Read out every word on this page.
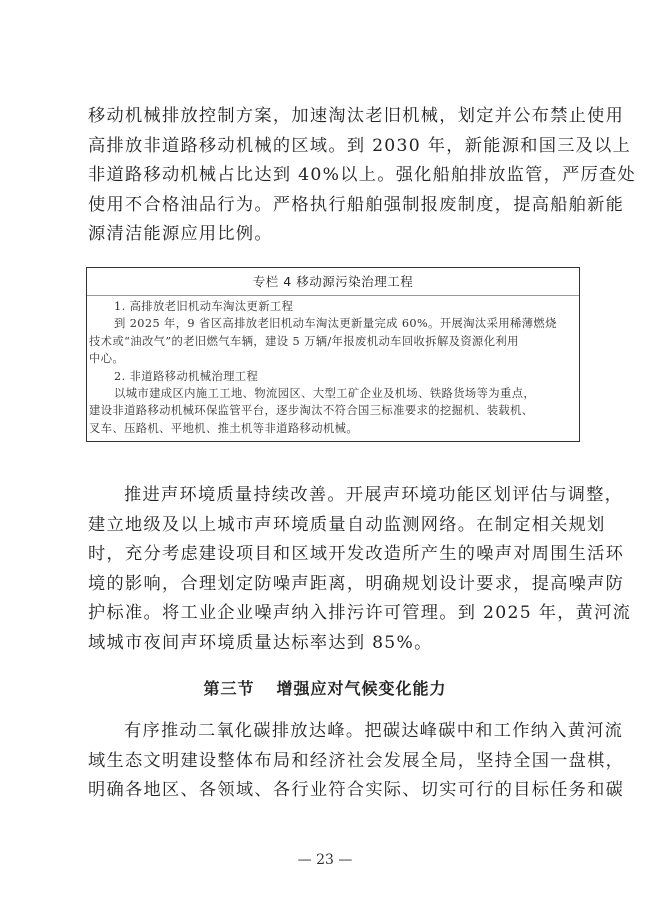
移动机械排放控制方案，加速淘汰老旧机械，划定并公布禁止使用
高排放非道路移动机械的区域。到 2030 年，新能源和国三及以上
非道路移动机械占比达到 40%以上。强化船舶排放监管，严厉查处
使用不合格油品行为。严格执行船舶强制报废制度，提高船舶新能
源清洁能源应用比例。
专栏 4 移动源污染治理工程
1. 高排放老旧机动车淘汰更新工程
到 2025 年，9 省区高排放老旧机动车淘汰更新量完成 60%。开展淘汰采用稀薄燃烧
技术或“油改气”的老旧燃气车辆，建设 5 万辆/年报废机动车回收拆解及资源化利用
中心。
2. 非道路移动机械治理工程
以城市建成区内施工工地、物流园区、大型工矿企业及机场、铁路货场等为重点，
建设非道路移动机械环保监管平台，逐步淘汰不符合国三标准要求的挖掘机、装载机、
叉车、压路机、平地机、推土机等非道路移动机械。
推进声环境质量持续改善。开展声环境功能区划评估与调整，
建立地级及以上城市声环境质量自动监测网络。在制定相关规划
时，充分考虑建设项目和区域开发改造所产生的噪声对周围生活环
境的影响，合理划定防噪声距离，明确规划设计要求，提高噪声防
护标准。将工业企业噪声纳入排污许可管理。到 2025 年，黄河流
域城市夜间声环境质量达标率达到 85%。
第三节 增强应对气候变化能力
有序推动二氧化碳排放达峰。把碳达峰碳中和工作纳入黄河流
域生态文明建设整体布局和经济社会发展全局，坚持全国一盘棋，
明确各地区、各领域、各行业符合实际、切实可行的目标任务和碳
— 23 —
